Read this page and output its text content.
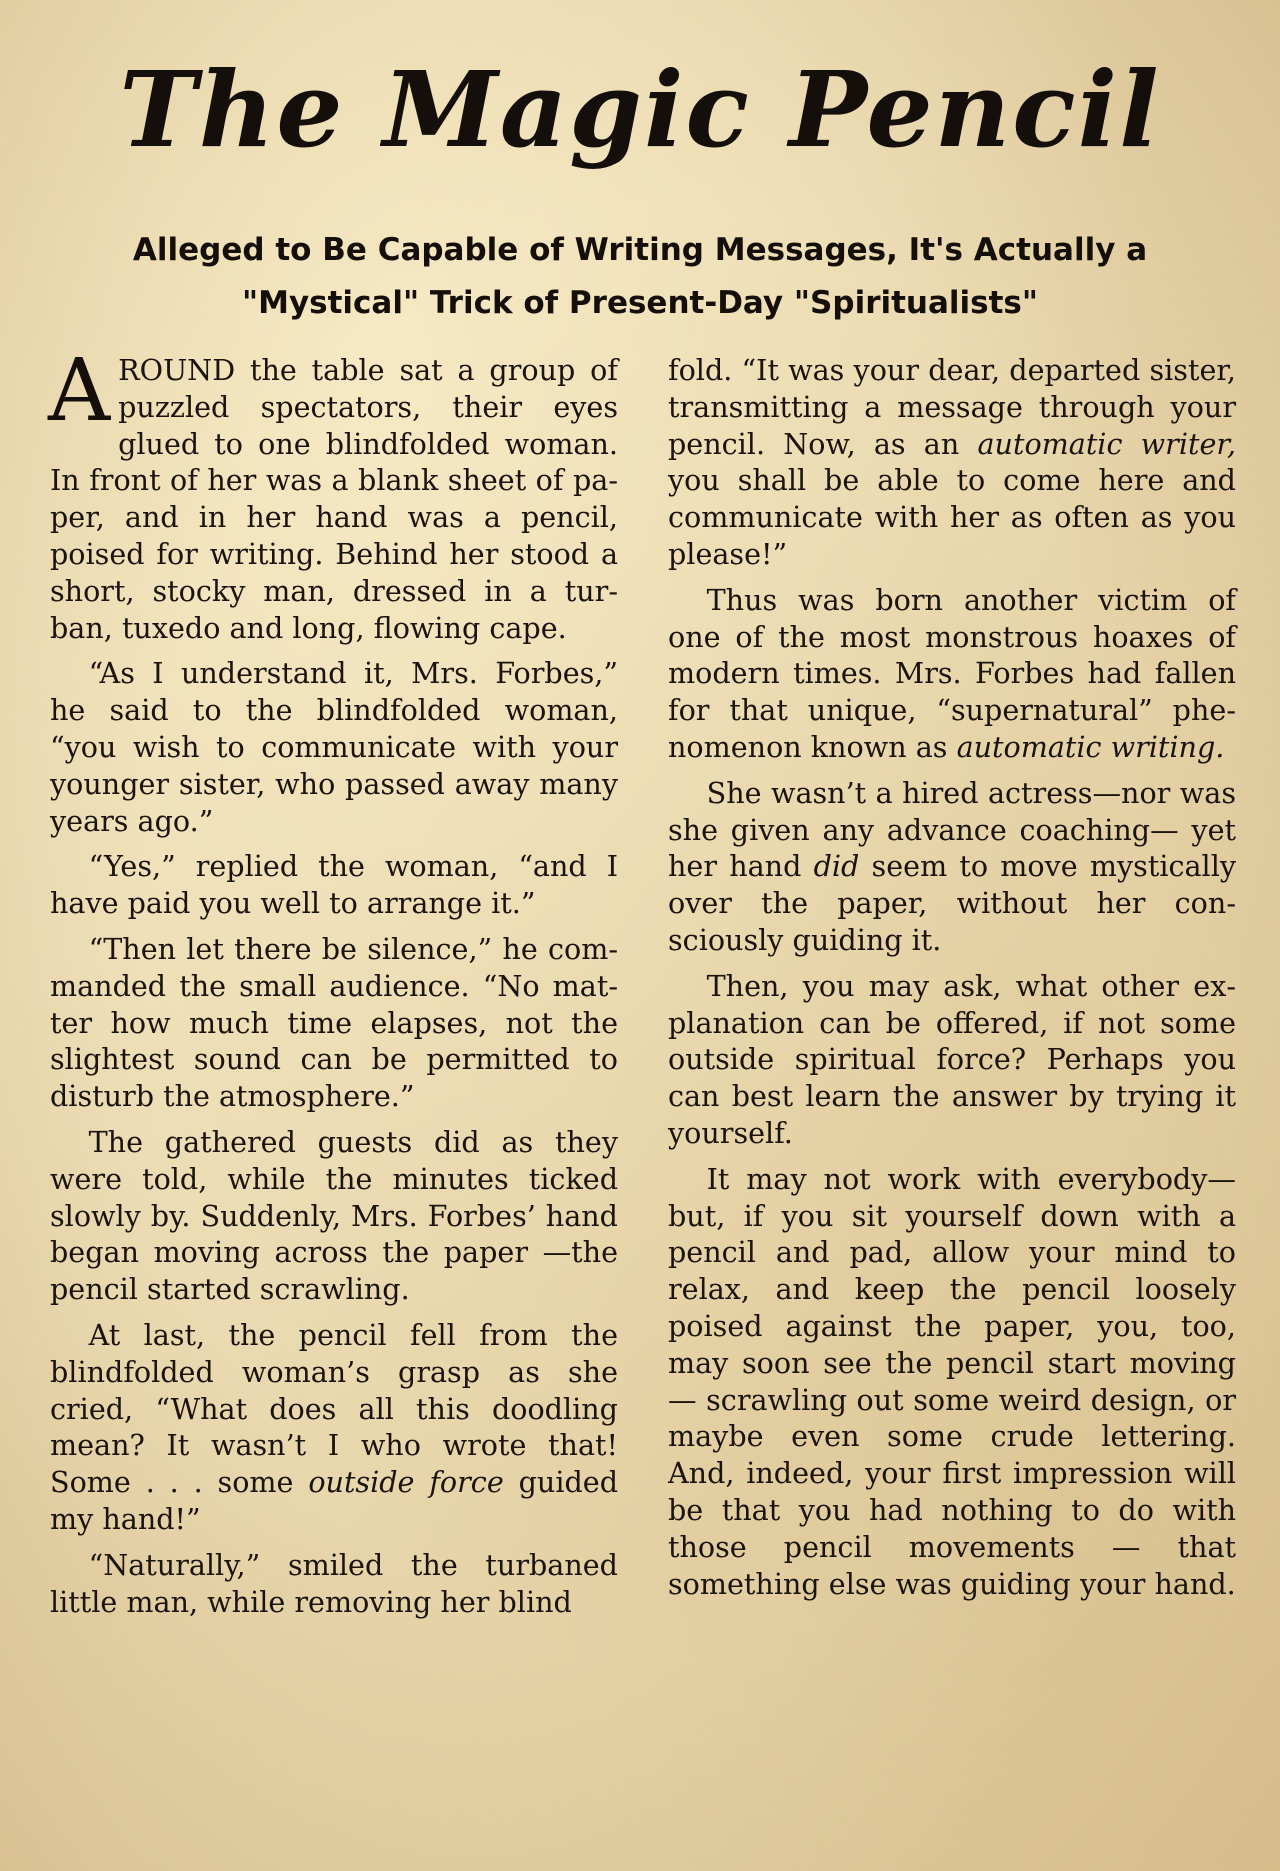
The Magic Pencil
Alleged to Be Capable of Writing Messages, It's Actually a
"Mystical" Trick of Present-Day "Spiritualists"

AROUND the table sat a group of puzzled spectators, their eyes glued to one blindfolded woman. In front of her was a blank sheet of paper, and in her hand was a pencil, poised for writing. Behind her stood a short, stocky man, dressed in a turban, tuxedo and long, flowing cape.

“As I understand it, Mrs. Forbes,” he said to the blindfolded woman, “you wish to communicate with your younger sister, who passed away many years ago.”

“Yes,” replied the woman, “and I have paid you well to arrange it.”

“Then let there be silence,” he commanded the small audience. “No matter how much time elapses, not the slightest sound can be permitted to disturb the atmosphere.”

The gathered guests did as they were told, while the minutes ticked slowly by. Suddenly, Mrs. Forbes’ hand began moving across the paper —the pencil started scrawling.

At last, the pencil fell from the blindfolded woman’s grasp as she cried, “What does all this doodling mean? It wasn’t I who wrote that! Some . . . some outside force guided my hand!”

“Naturally,” smiled the turbaned little man, while removing her blind

fold. “It was your dear, departed sister, transmitting a message through your pencil. Now, as an automatic writer, you shall be able to come here and communicate with her as often as you please!”

Thus was born another victim of one of the most monstrous hoaxes of modern times. Mrs. Forbes had fallen for that unique, “supernatural” phenomenon known as automatic writing.

She wasn’t a hired actress—nor was she given any advance coaching— yet her hand did seem to move mystically over the paper, without her consciously guiding it.

Then, you may ask, what other explanation can be offered, if not some outside spiritual force? Perhaps you can best learn the answer by trying it yourself.

It may not work with everybody— but, if you sit yourself down with a pencil and pad, allow your mind to relax, and keep the pencil loosely poised against the paper, you, too, may soon see the pencil start moving— scrawling out some weird design, or maybe even some crude lettering. And, indeed, your first impression will be that you had nothing to do with those pencil movements — that something else was guiding your hand.
